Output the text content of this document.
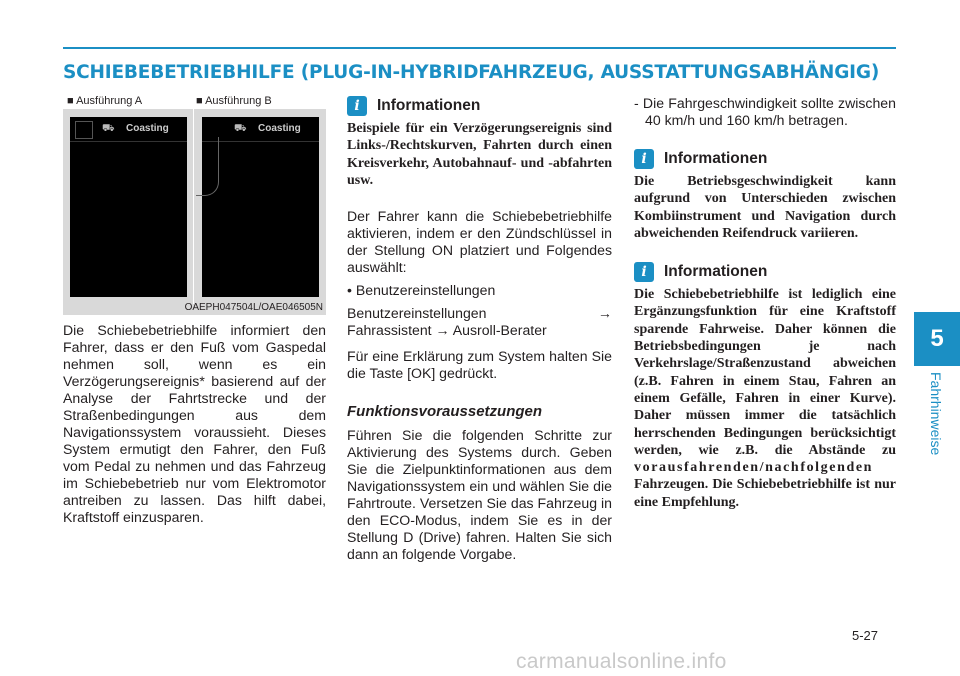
SCHIEBEBETRIEBHILFE (PLUG-IN-HYBRIDFAHRZEUG, AUSSTATTUNGSABHÄNGIG)
5
Fahrhinweise
■ Ausführung A	■ Ausführung B
⛟ Coasting	⛟ Coasting
OAEPH047504L/OAE046505N

Die Schiebebetriebhilfe informiert den Fahrer, dass er den Fuß vom Gaspedal nehmen soll, wenn es ein Verzögerungsereignis* basierend auf der Analyse der Fahrtstrecke und der Straßenbedingungen aus dem Navigationssystem voraussieht. Dieses System ermutigt den Fahrer, den Fuß vom Pedal zu nehmen und das Fahrzeug im Schiebebetrieb nur vom Elektromotor antreiben zu lassen. Das hilft dabei, Kraftstoff einzusparen.

i	Informationen

Beispiele für ein Verzögerungsereignis sind Links-/Rechtskurven, Fahrten durch einen Kreisverkehr, Autobahnauf- und -abfahrten usw.

Der Fahrer kann die Schiebebetriebhilfe aktivieren, indem er den Zündschlüssel in der Stellung ON platziert und Folgendes auswählt:

• Benutzereinstellungen

Benutzereinstellungen	→

Fahrassistent → Ausroll-Berater

Für eine Erklärung zum System halten Sie die Taste [OK] gedrückt.

Funktionsvoraussetzungen

Führen Sie die folgenden Schritte zur Aktivierung des Systems durch. Geben Sie die Zielpunktinformationen aus dem Navigationssystem ein und wählen Sie die Fahrtroute. Versetzen Sie das Fahrzeug in den ECO-Modus, indem Sie es in der Stellung D (Drive) fahren. Halten Sie sich dann an folgende Vorgabe.

- Die Fahrgeschwindigkeit sollte zwischen 40 km/h und 160 km/h betragen.

i	Informationen

Die Betriebsgeschwindigkeit kann aufgrund von Unterschieden zwischen Kombiinstrument und Navigation durch abweichenden Reifendruck variieren.

i	Informationen

Die Schiebebetriebhilfe ist lediglich eine Ergänzungsfunktion für eine Kraftstoff sparende Fahrweise. Daher können die Betriebsbedingungen je nach Verkehrslage/Straßenzustand abweichen (z.B. Fahren in einem Stau, Fahren an einem Gefälle, Fahren in einer Kurve). Daher müssen immer die tatsächlich herrschenden Bedingungen berücksichtigt werden, wie z.B. die Abstände zu vorausfahrenden/nachfolgenden Fahrzeugen. Die Schiebebetriebhilfe ist nur eine Empfehlung.

5-27
carmanualsonline.info
